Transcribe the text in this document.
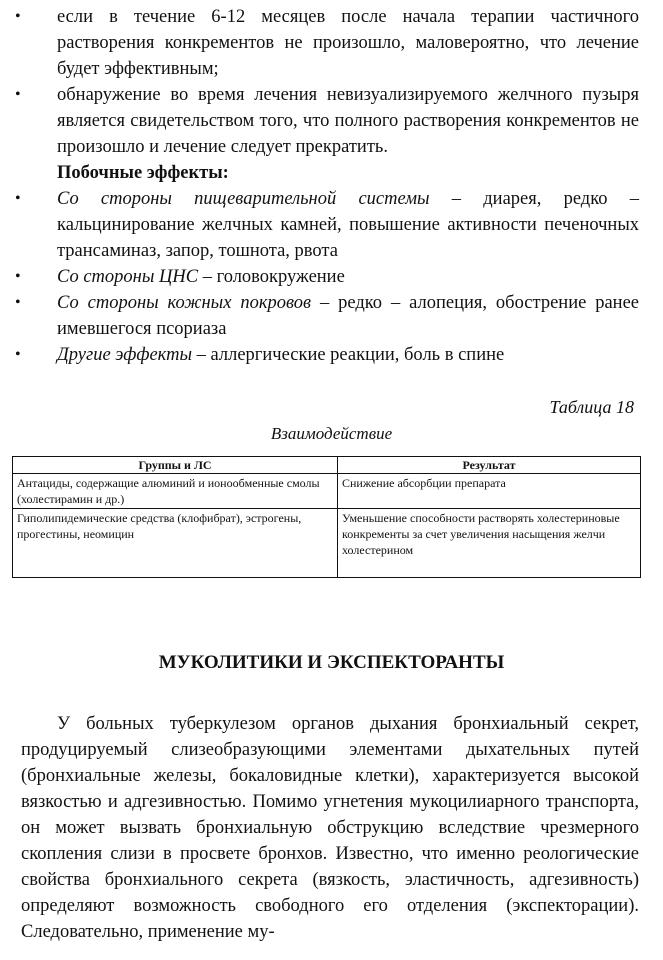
• если в течение 6-12 месяцев после начала терапии частичного растворения конкрементов не произошло, маловероятно, что лечение будет эффективным;
• обнаружение во время лечения невизуализируемого желчного пузыря является свидетельством того, что полного растворения конкрементов не произошло и лечение следует прекратить.
Побочные эффекты:
• Со стороны пищеварительной системы – диарея, редко – кальцинирование желчных камней, повышение активности печеночных трансаминаз, запор, тошнота, рвота
• Со стороны ЦНС – головокружение
• Со стороны кожных покровов – редко – алопеция, обострение ранее имевшегося псориаза
• Другие эффекты – аллергические реакции, боль в спине
Таблица 18
Взаимодействие
Группы и ЛС	Результат
Антациды, содержащие алюминий и ионообменные смолы (холестирамин и др.)	Снижение абсорбции препарата
Гиполипидемические средства (клофибрат), эстрогены, прогестины, неомицин	Уменьшение способности растворять холестериновые конкременты за счет увеличения насыщения желчи холестерином
МУКОЛИТИКИ И ЭКСПЕКТОРАНТЫ
У больных туберкулезом органов дыхания бронхиальный секрет, продуцируемый слизеобразующими элементами дыхательных путей (бронхиальные железы, бокаловидные клетки), характеризуется высокой вязкостью и адгезивностью. Помимо угнетения мукоцилиарного транспорта, он может вызвать бронхиальную обструкцию вследствие чрезмерного скопления слизи в просвете бронхов. Известно, что именно реологические свойства бронхиального секрета (вязкость, эластичность, адгезивность) определяют возможность свободного его отделения (экспекторации). Следовательно, применение му-
